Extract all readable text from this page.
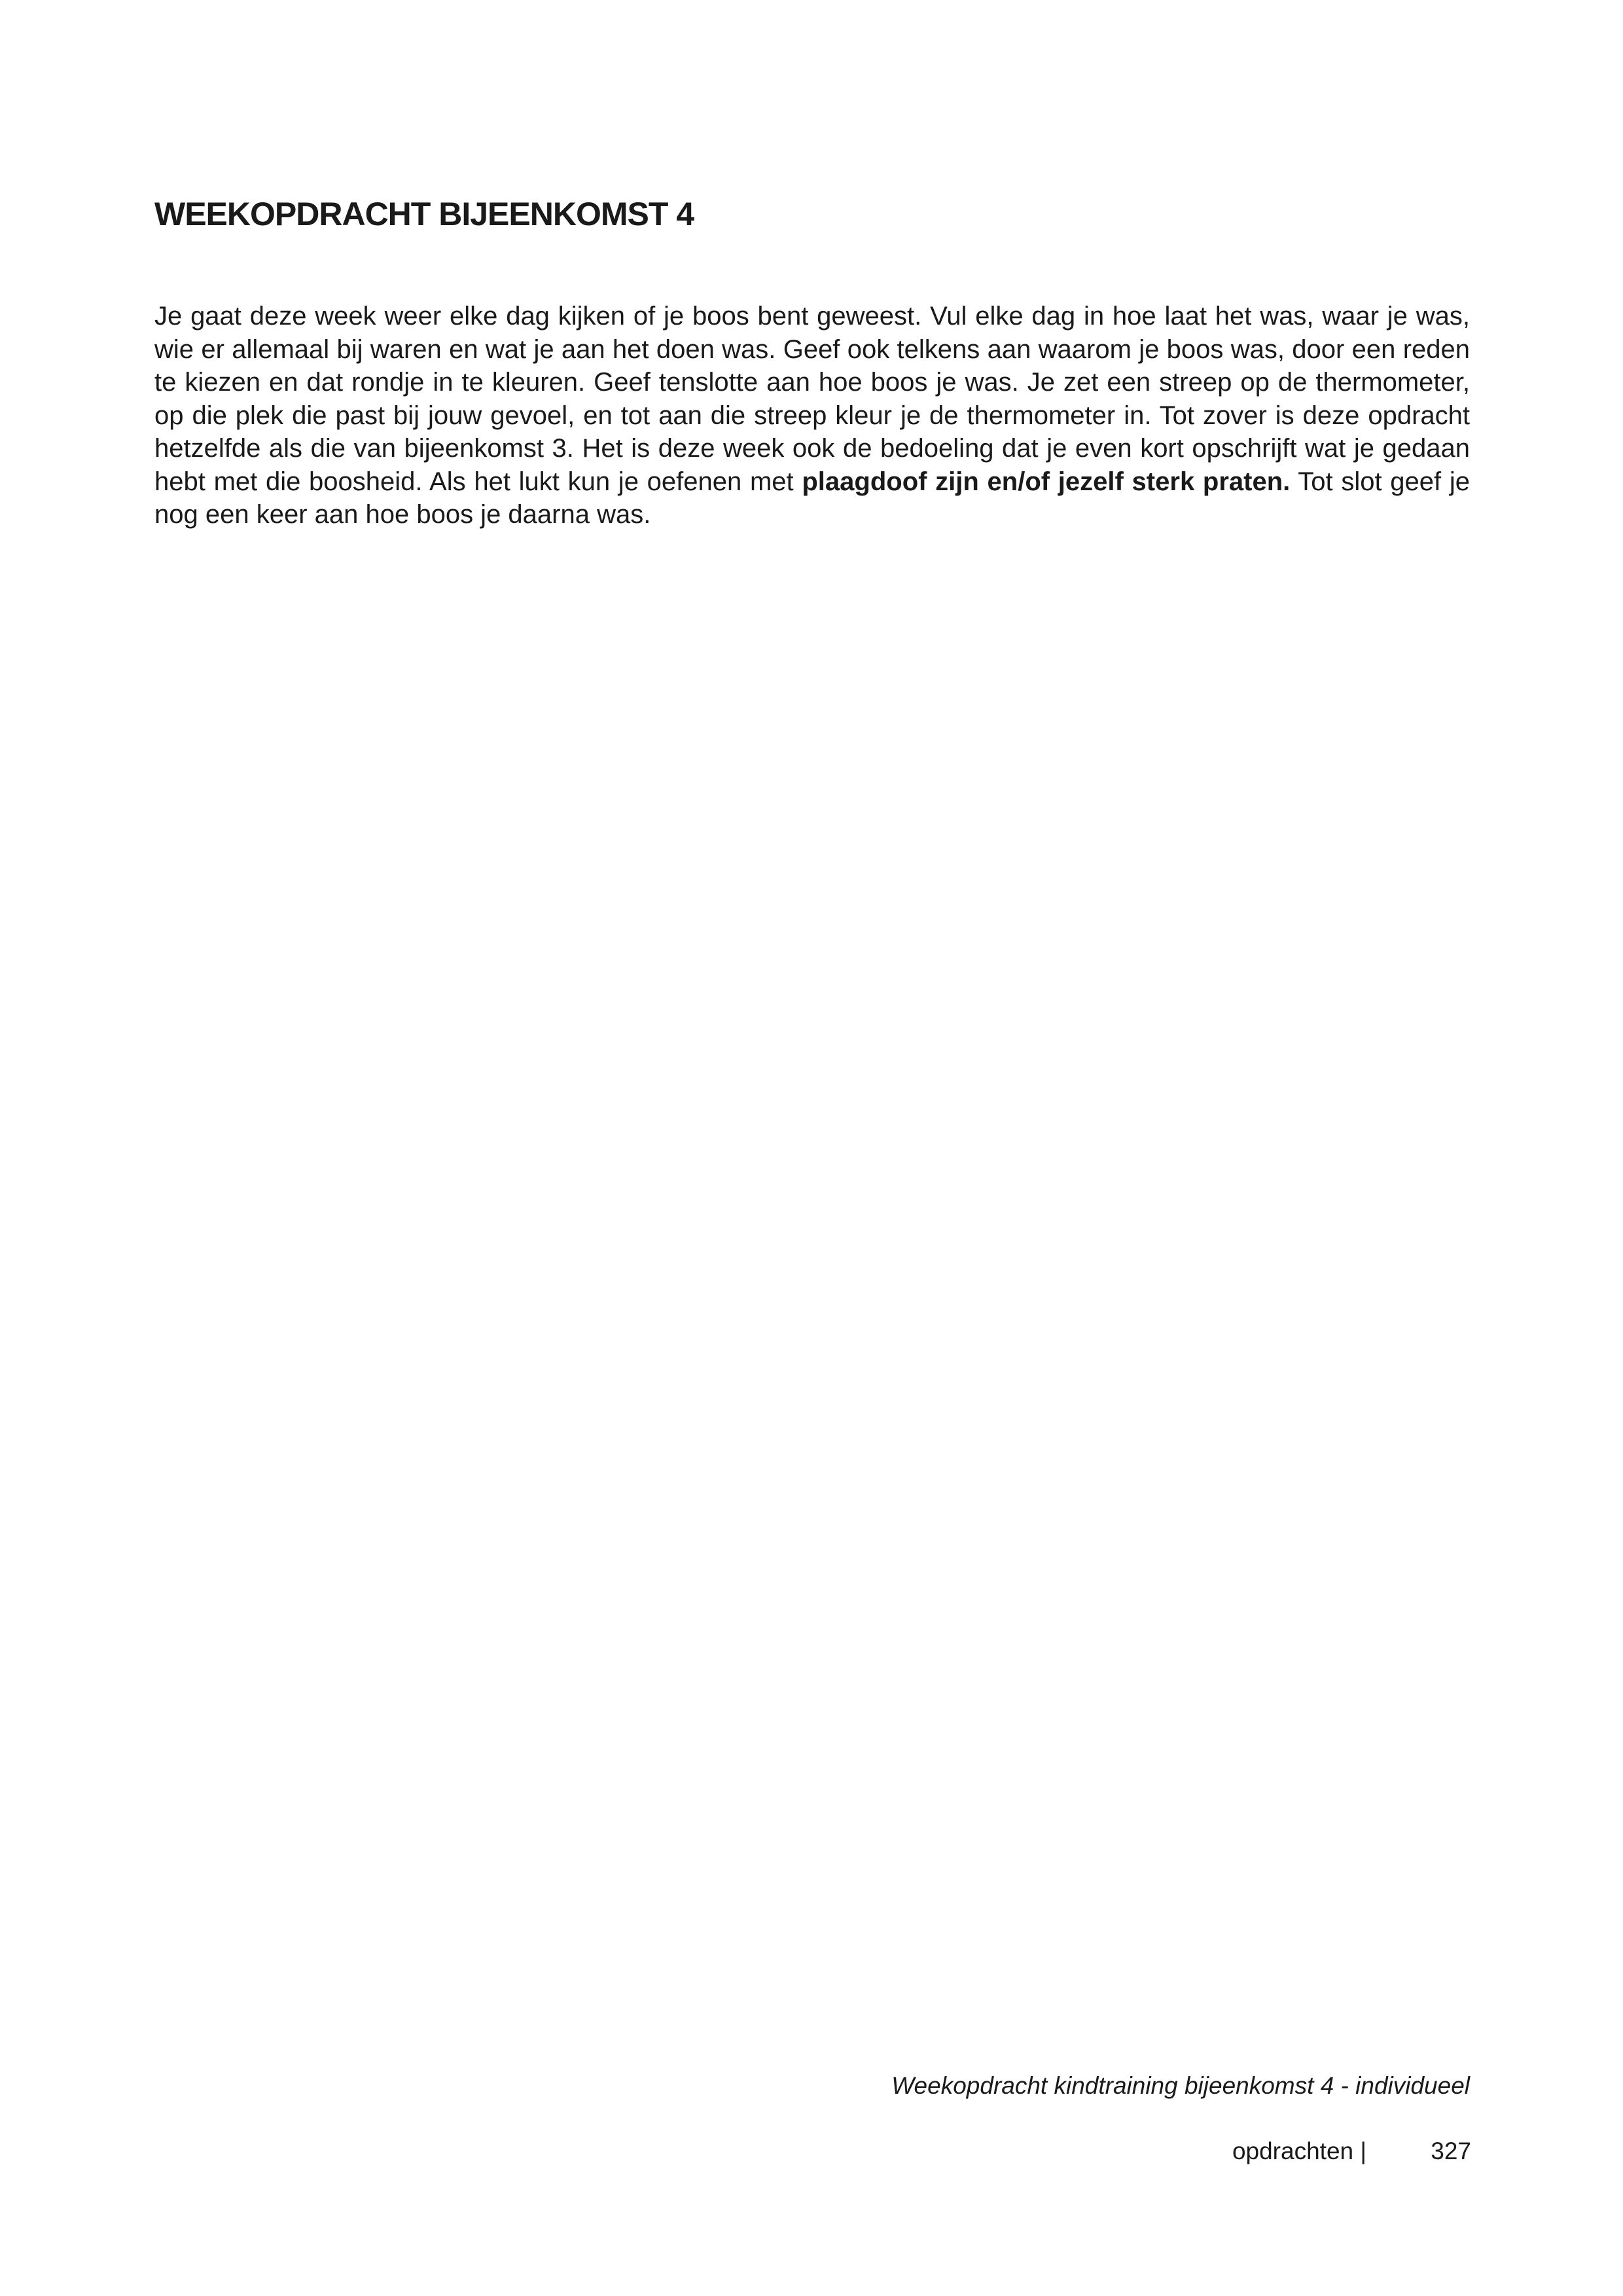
WEEKOPDRACHT BIJEENKOMST 4

Je gaat deze week weer elke dag kijken of je boos bent geweest. Vul elke dag in hoe laat het was, waar je was, wie er allemaal bij waren en wat je aan het doen was. Geef ook telkens aan waarom je boos was, door een reden te kiezen en dat rondje in te kleuren. Geef tenslotte aan hoe boos je was. Je zet een streep op de thermometer, op die plek die past bij jouw gevoel, en tot aan die streep kleur je de thermometer in. Tot zover is deze opdracht hetzelfde als die van bijeenkomst 3. Het is deze week ook de bedoeling dat je even kort opschrijft wat je gedaan hebt met die boosheid. Als het lukt kun je oefenen met plaagdoof zijn en/of jezelf sterk praten. Tot slot geef je nog een keer aan hoe boos je daarna was.

Weekopdracht kindtraining bijeenkomst 4 - individueel

opdrachten |	327
